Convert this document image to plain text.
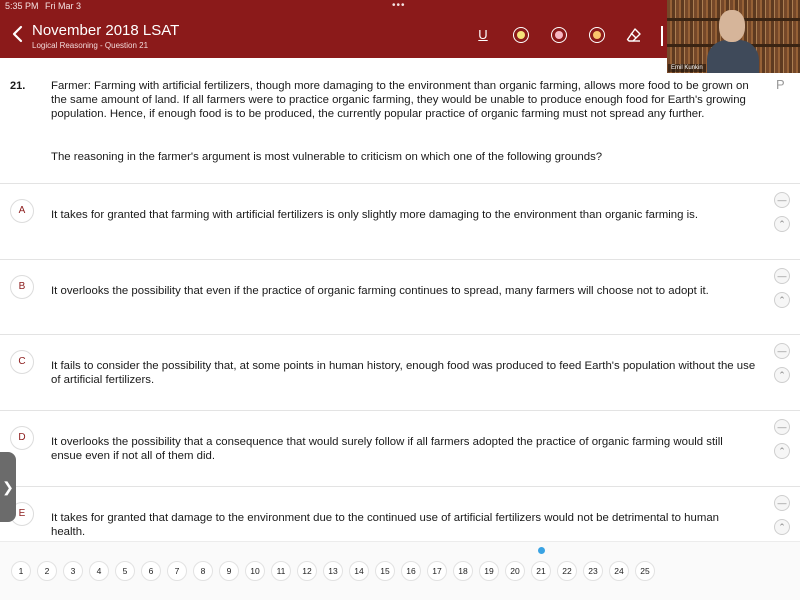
5:35 PM Fri Mar 3	•••
November 2018 LSAT
Logical Reasoning - Question 21
U
Emil Kunkin
21.	P
Farmer: Farming with artificial fertilizers, though more damaging to the environment than organic farming, allows more food to be grown on the same amount of land. If all farmers were to practice organic farming, they would be unable to produce enough food for Earth's growing population. Hence, if enough food is to be produced, the currently popular practice of organic farming must not spread any further.
The reasoning in the farmer's argument is most vulnerable to criticism on which one of the following grounds?
A	It takes for granted that farming with artificial fertilizers is only slightly more damaging to the environment than organic farming is.
—
⌃
B	It overlooks the possibility that even if the practice of organic farming continues to spread, many farmers will choose not to adopt it.
—
⌃
C	It fails to consider the possibility that, at some points in human history, enough food was produced to feed Earth's population without the use of artificial fertilizers.
—
⌃
D	It overlooks the possibility that a consequence that would surely follow if all farmers adopted the practice of organic farming would still ensue even if not all of them did.
—
⌃
E	It takes for granted that damage to the environment due to the continued use of artificial fertilizers would not be detrimental to human health.
—
⌃
❯
1	2	3	4	5	6	7	8	9	10	11	12	13	14	15	16	17	18	19	20	21	22	23	24	25
